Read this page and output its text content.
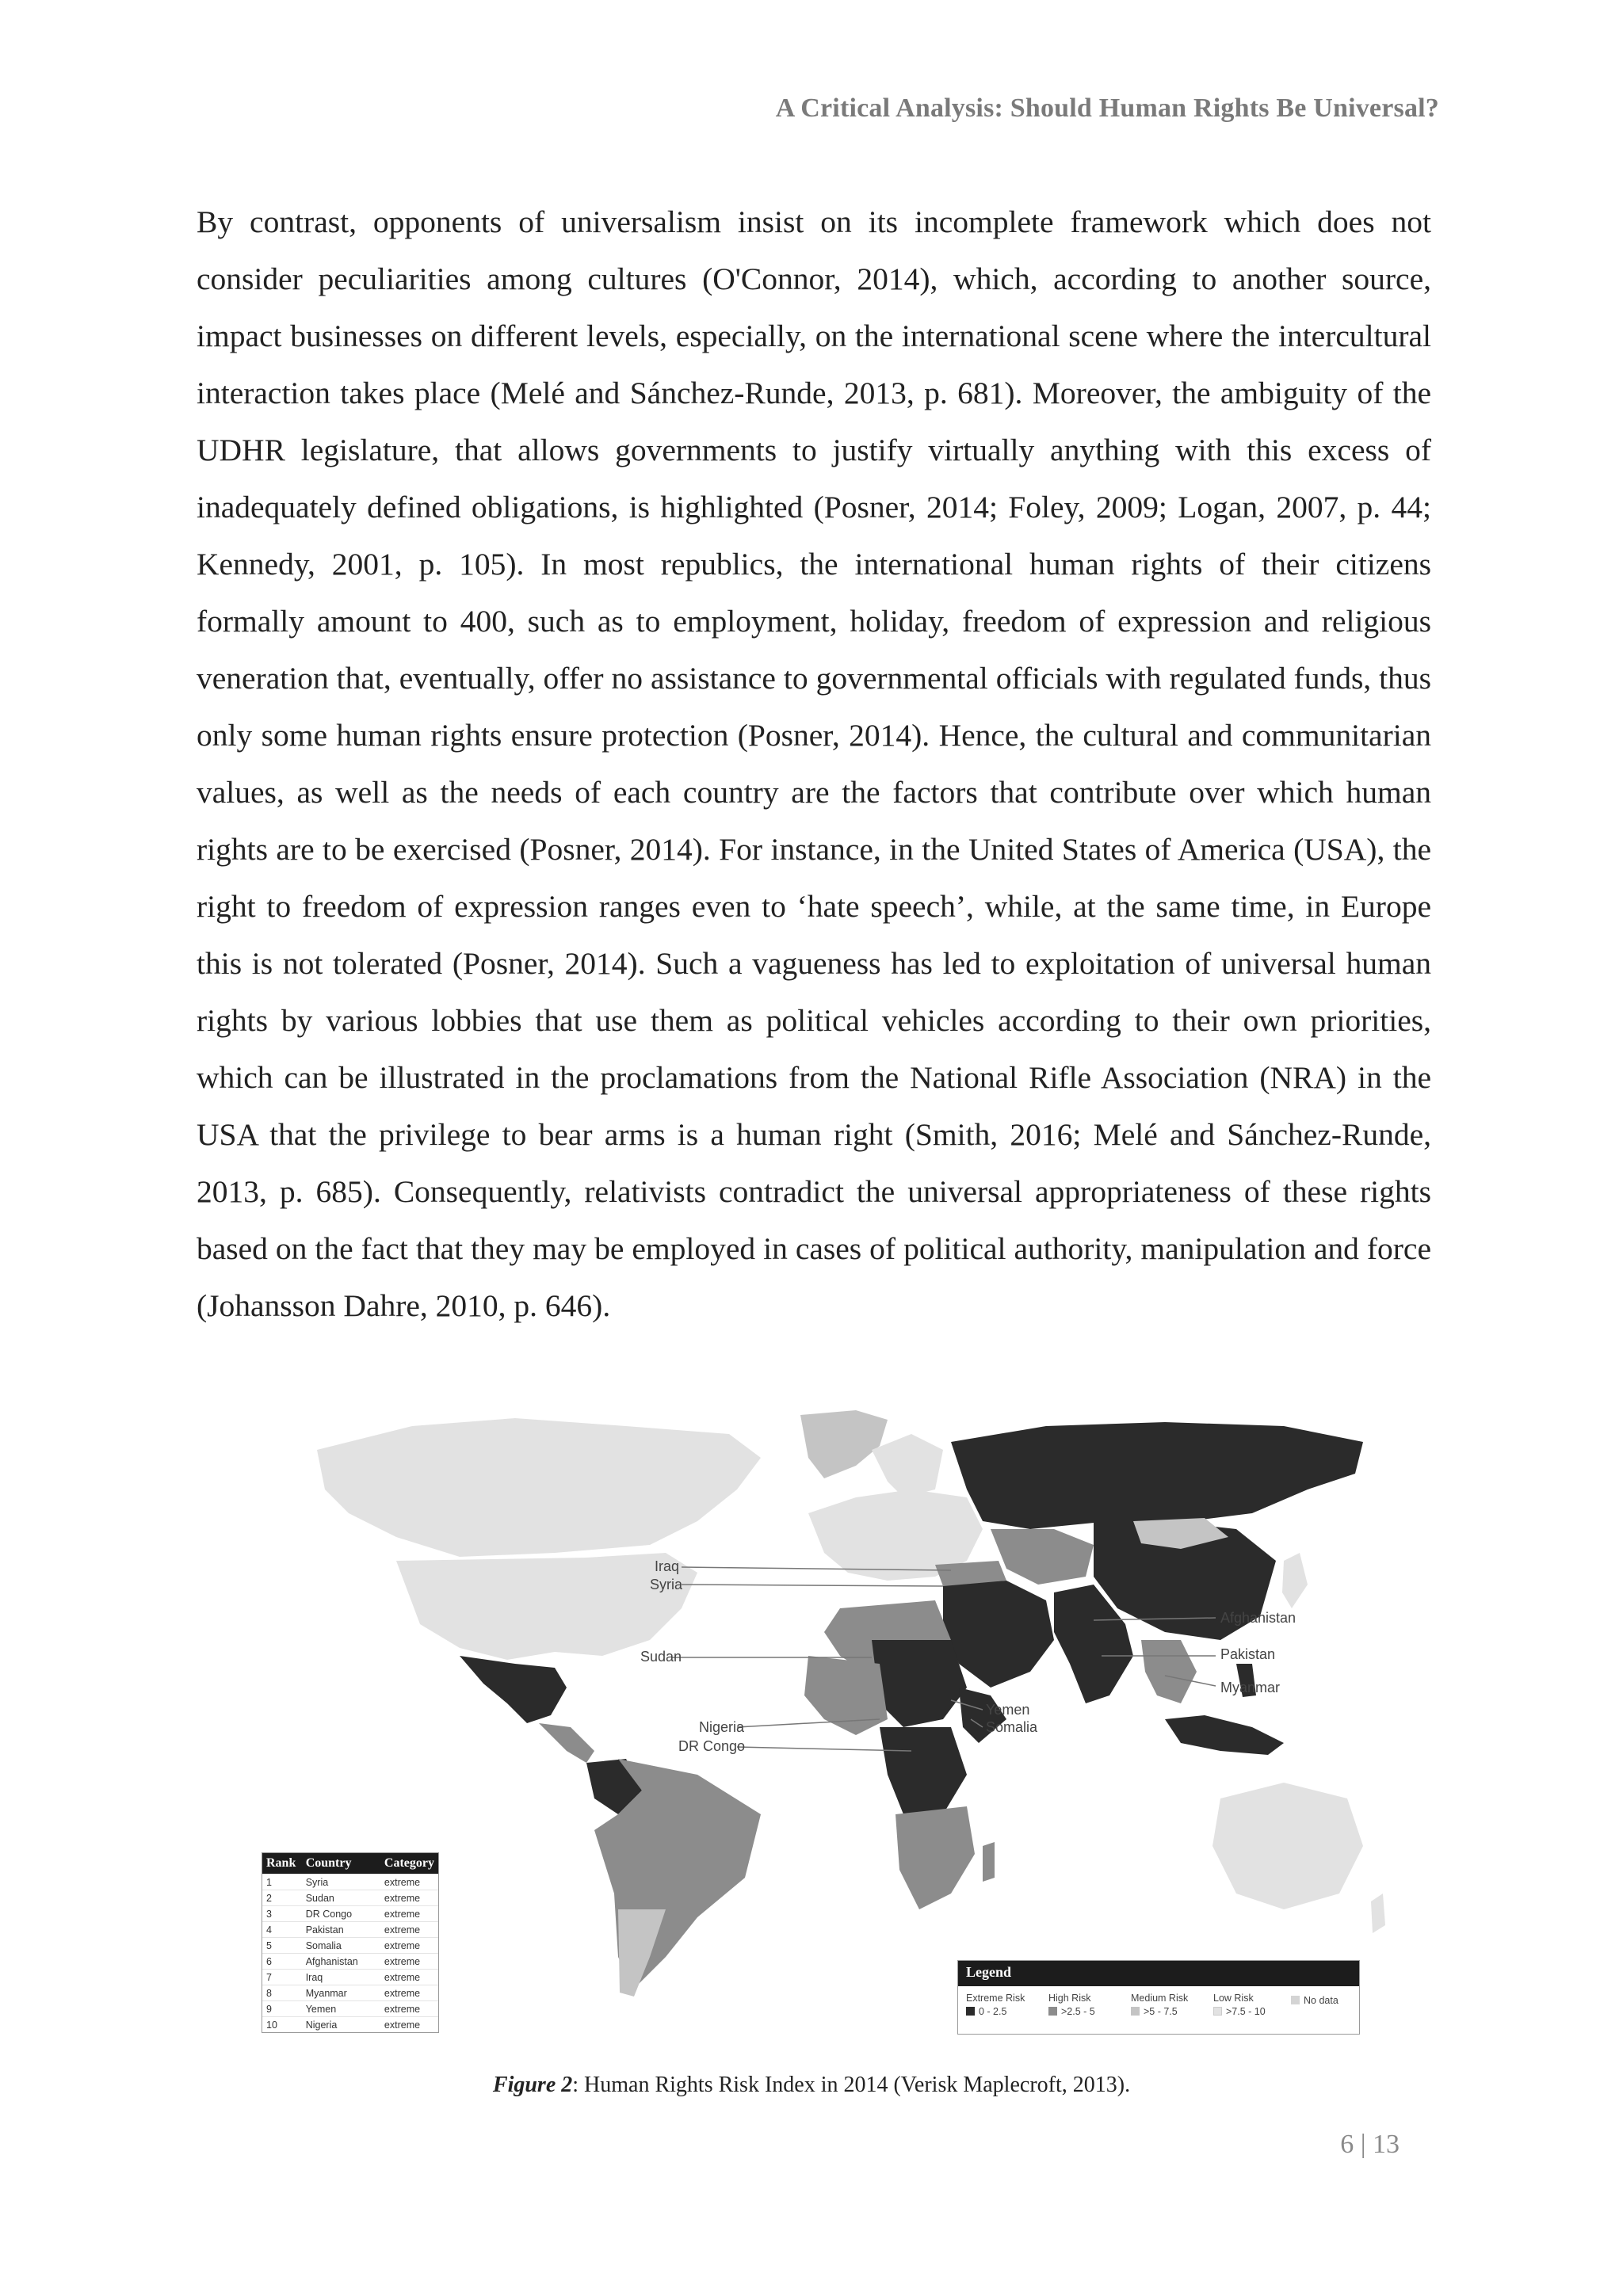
A Critical Analysis: Should Human Rights Be Universal?

By contrast, opponents of universalism insist on its incomplete framework which does not consider peculiarities among cultures (O'Connor, 2014), which, according to another source, impact businesses on different levels, especially, on the international scene where the intercultural interaction takes place (Melé and Sánchez-Runde, 2013, p. 681). Moreover, the ambiguity of the UDHR legislature, that allows governments to justify virtually anything with this excess of inadequately defined obligations, is highlighted (Posner, 2014; Foley, 2009; Logan, 2007, p. 44; Kennedy, 2001, p. 105). In most republics, the international human rights of their citizens formally amount to 400, such as to employment, holiday, freedom of expression and religious veneration that, eventually, offer no assistance to governmental officials with regulated funds, thus only some human rights ensure protection (Posner, 2014). Hence, the cultural and communitarian values, as well as the needs of each country are the factors that contribute over which human rights are to be exercised (Posner, 2014). For instance, in the United States of America (USA), the right to freedom of expression ranges even to ‘hate speech’, while, at the same time, in Europe this is not tolerated (Posner, 2014). Such a vagueness has led to exploitation of universal human rights by various lobbies that use them as political vehicles according to their own priorities, which can be illustrated in the proclamations from the National Rifle Association (NRA) in the USA that the privilege to bear arms is a human right (Smith, 2016; Melé and Sánchez-Runde, 2013, p. 685). Consequently, relativists contradict the universal appropriateness of these rights based on the fact that they may be employed in cases of political authority, manipulation and force (Johansson Dahre, 2010, p. 646).

Iraq
Syria
Sudan
Nigeria
DR Congo
Yemen
Somalia
Afghanistan
Pakistan
Myanmar
Rank	Country	Category
1	Syria	extreme
2	Sudan	extreme
3	DR Congo	extreme
4	Pakistan	extreme
5	Somalia	extreme
6	Afghanistan	extreme
7	Iraq	extreme
8	Myanmar	extreme
9	Yemen	extreme
10	Nigeria	extreme
Legend
Extreme Risk
0 - 2.5
High Risk
>2.5 - 5
Medium Risk
>5 - 7.5
Low Risk
>7.5 - 10
No data
Figure 2: Human Rights Risk Index in 2014 (Verisk Maplecroft, 2013).
6 | 13
